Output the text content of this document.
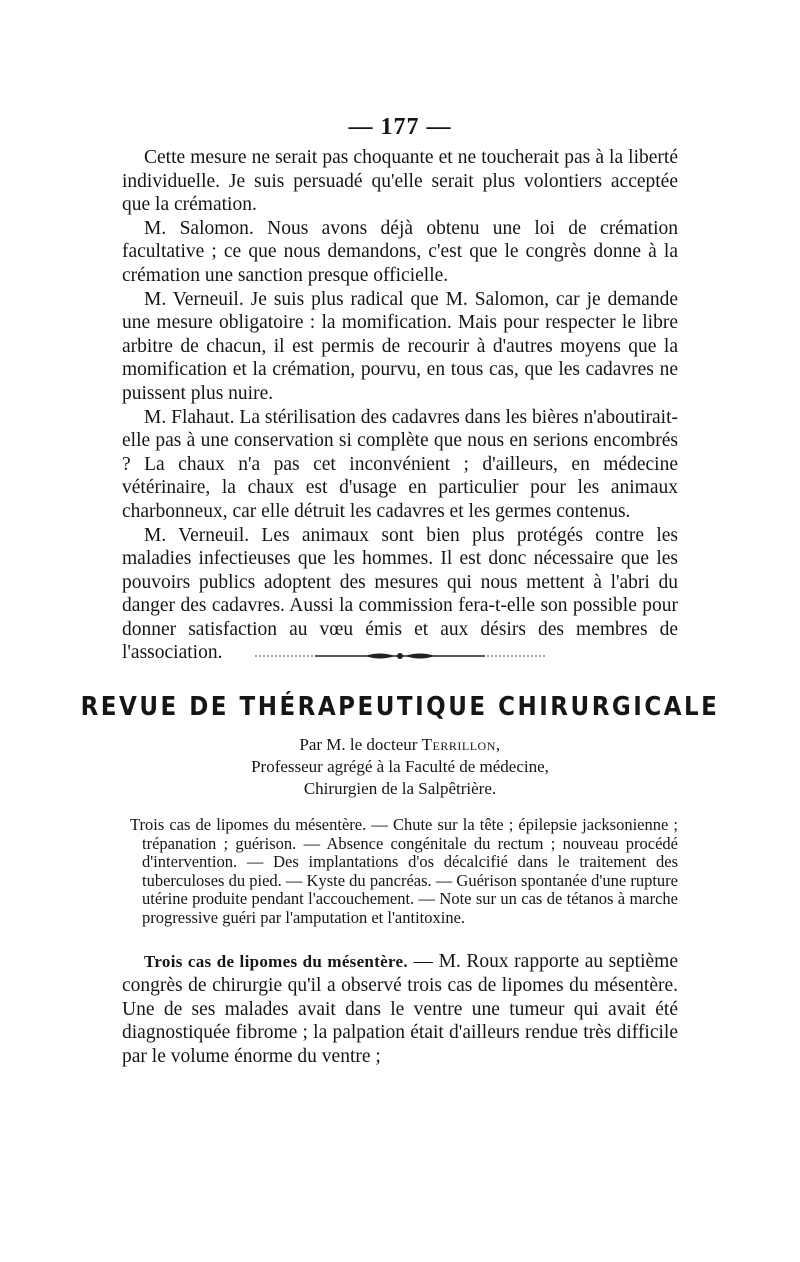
— 177 —

Cette mesure ne serait pas choquante et ne toucherait pas à la liberté individuelle. Je suis persuadé qu'elle serait plus volontiers acceptée que la crémation.

M. Salomon. Nous avons déjà obtenu une loi de crémation facultative ; ce que nous demandons, c'est que le congrès donne à la crémation une sanction presque officielle.

M. Verneuil. Je suis plus radical que M. Salomon, car je demande une mesure obligatoire : la momification. Mais pour respecter le libre arbitre de chacun, il est permis de recourir à d'autres moyens que la momification et la crémation, pourvu, en tous cas, que les cadavres ne puissent plus nuire.

M. Flahaut. La stérilisation des cadavres dans les bières n'aboutirait-elle pas à une conservation si complète que nous en serions encombrés ? La chaux n'a pas cet inconvénient ; d'ailleurs, en médecine vétérinaire, la chaux est d'usage en particulier pour les animaux charbonneux, car elle détruit les cadavres et les germes contenus.

M. Verneuil. Les animaux sont bien plus protégés contre les maladies infectieuses que les hommes. Il est donc nécessaire que les pouvoirs publics adoptent des mesures qui nous mettent à l'abri du danger des cadavres. Aussi la commission fera-t-elle son possible pour donner satisfaction au vœu émis et aux désirs des membres de l'association.

REVUE DE THÉRAPEUTIQUE CHIRURGICALE
Par M. le docteur Terrillon,
Professeur agrégé à la Faculté de médecine,
Chirurgien de la Salpêtrière.

Trois cas de lipomes du mésentère. — Chute sur la tête ; épilepsie jacksonienne ; trépanation ; guérison. — Absence congénitale du rectum ; nouveau procédé d'intervention. — Des implantations d'os décalcifié dans le traitement des tuberculoses du pied. — Kyste du pancréas. — Guérison spontanée d'une rupture utérine produite pendant l'accouchement. — Note sur un cas de tétanos à marche progressive guéri par l'amputation et l'antitoxine.

Trois cas de lipomes du mésentère. — M. Roux rapporte au septième congrès de chirurgie qu'il a observé trois cas de lipomes du mésentère. Une de ses malades avait dans le ventre une tumeur qui avait été diagnostiquée fibrome ; la palpation était d'ailleurs rendue très difficile par le volume énorme du ventre ;
